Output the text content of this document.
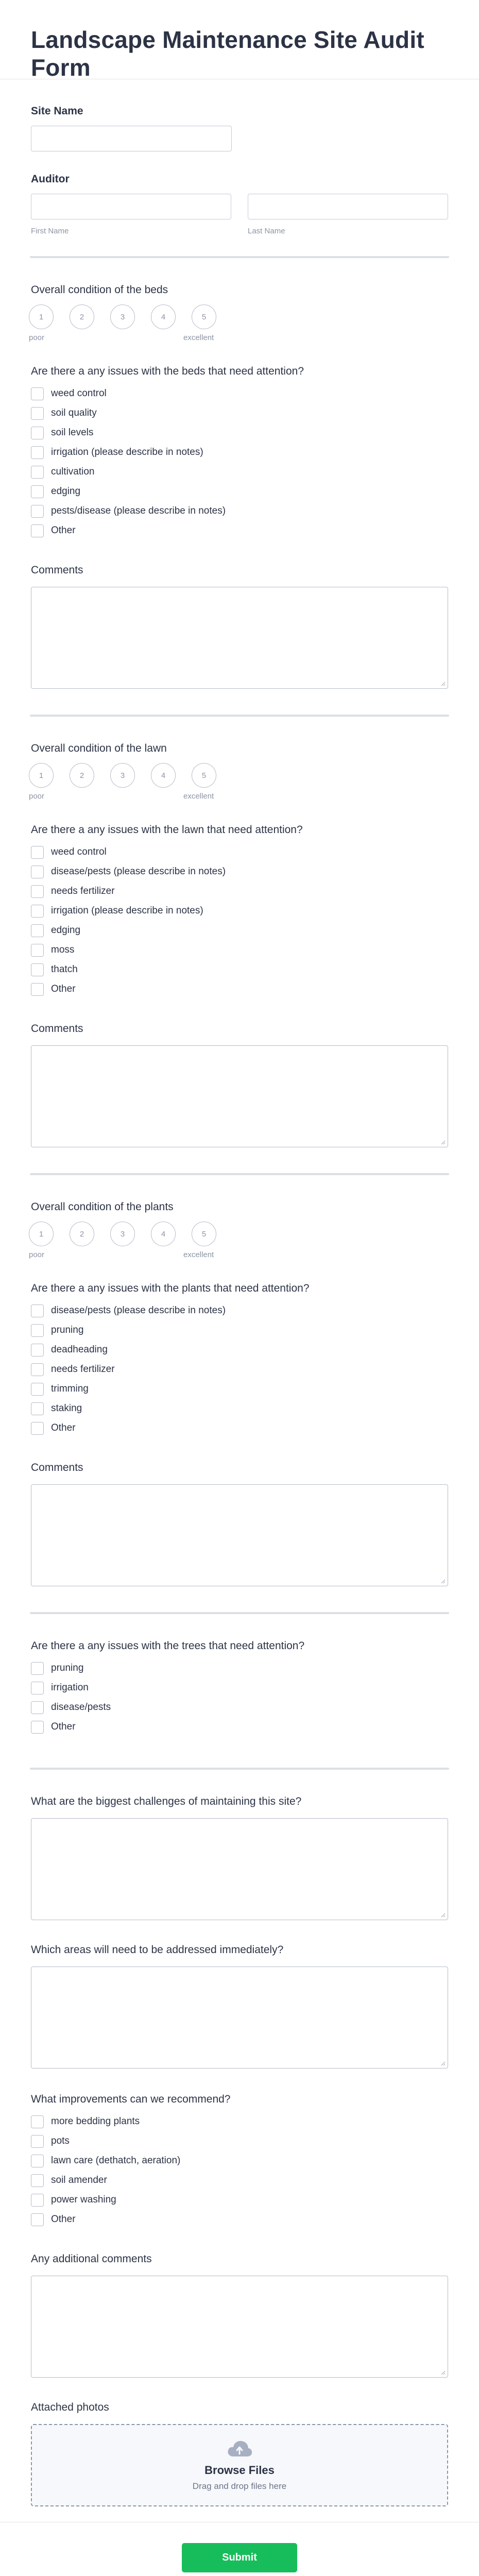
Landscape Maintenance Site Audit Form
Site Name
Auditor
First Name	Last Name
Overall condition of the beds
1	2	3	4	5
poor	excellent
Are there a any issues with the beds that need attention?
weed control
soil quality
soil levels
irrigation (please describe in notes)
cultivation
edging
pests/disease (please describe in notes)
Other
Comments
Overall condition of the lawn
1	2	3	4	5
poor	excellent
Are there a any issues with the lawn that need attention?
weed control
disease/pests (please describe in notes)
needs fertilizer
irrigation (please describe in notes)
edging
moss
thatch
Other
Comments
Overall condition of the plants
1	2	3	4	5
poor	excellent
Are there a any issues with the plants that need attention?
disease/pests (please describe in notes)
pruning
deadheading
needs fertilizer
trimming
staking
Other
Comments
Are there a any issues with the trees that need attention?
pruning
irrigation
disease/pests
Other
What are the biggest challenges of maintaining this site?
Which areas will need to be addressed immediately?
What improvements can we recommend?
more bedding plants
pots
lawn care (dethatch, aeration)
soil amender
power washing
Other
Any additional comments
Attached photos
Browse Files
Drag and drop files here
Submit
